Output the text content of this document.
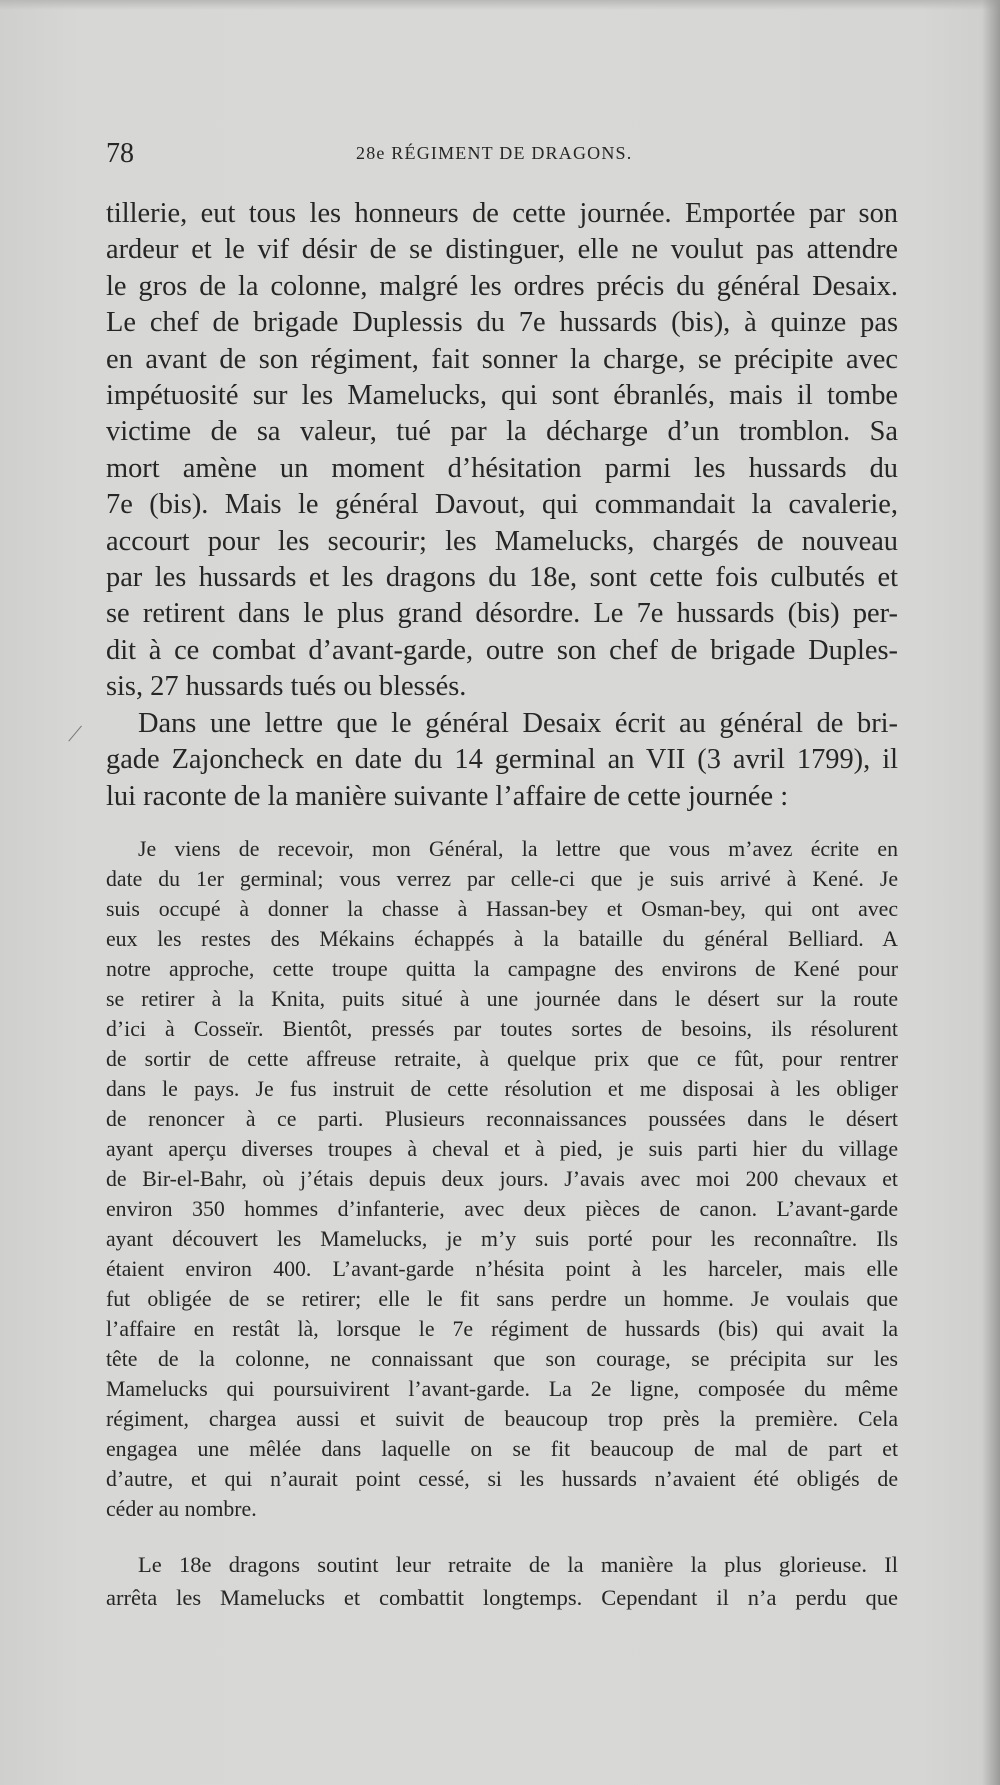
78	28e RÉGIMENT DE DRAGONS.
tillerie, eut tous les honneurs de cette journée. Emportée par son
ardeur et le vif désir de se distinguer, elle ne voulut pas attendre
le gros de la colonne, malgré les ordres précis du général Desaix.
Le chef de brigade Duplessis du 7e hussards (bis), à quinze pas
en avant de son régiment, fait sonner la charge, se précipite avec
impétuosité sur les Mamelucks, qui sont ébranlés, mais il tombe
victime de sa valeur, tué par la décharge d’un tromblon. Sa
mort amène un moment d’hésitation parmi les hussards du
7e (bis). Mais le général Davout, qui commandait la cavalerie,
accourt pour les secourir; les Mamelucks, chargés de nouveau
par les hussards et les dragons du 18e, sont cette fois culbutés et
se retirent dans le plus grand désordre. Le 7e hussards (bis) per-
dit à ce combat d’avant-garde, outre son chef de brigade Duples-
sis, 27 hussards tués ou blessés.
Dans une lettre que le général Desaix écrit au général de bri-
gade Zajoncheck en date du 14 germinal an VII (3 avril 1799), il
lui raconte de la manière suivante l’affaire de cette journée :
Je viens de recevoir, mon Général, la lettre que vous m’avez écrite en
date du 1er germinal; vous verrez par celle-ci que je suis arrivé à Kené. Je
suis occupé à donner la chasse à Hassan-bey et Osman-bey, qui ont avec
eux les restes des Mékains échappés à la bataille du général Belliard. A
notre approche, cette troupe quitta la campagne des environs de Kené pour
se retirer à la Knita, puits situé à une journée dans le désert sur la route
d’ici à Cosseïr. Bientôt, pressés par toutes sortes de besoins, ils résolurent
de sortir de cette affreuse retraite, à quelque prix que ce fût, pour rentrer
dans le pays. Je fus instruit de cette résolution et me disposai à les obliger
de renoncer à ce parti. Plusieurs reconnaissances poussées dans le désert
ayant aperçu diverses troupes à cheval et à pied, je suis parti hier du village
de Bir-el-Bahr, où j’étais depuis deux jours. J’avais avec moi 200 chevaux et
environ 350 hommes d’infanterie, avec deux pièces de canon. L’avant-garde
ayant découvert les Mamelucks, je m’y suis porté pour les reconnaître. Ils
étaient environ 400. L’avant-garde n’hésita point à les harceler, mais elle
fut obligée de se retirer; elle le fit sans perdre un homme. Je voulais que
l’affaire en restât là, lorsque le 7e régiment de hussards (bis) qui avait la
tête de la colonne, ne connaissant que son courage, se précipita sur les
Mamelucks qui poursuivirent l’avant-garde. La 2e ligne, composée du même
régiment, chargea aussi et suivit de beaucoup trop près la première. Cela
engagea une mêlée dans laquelle on se fit beaucoup de mal de part et
d’autre, et qui n’aurait point cessé, si les hussards n’avaient été obligés de
céder au nombre.
Le 18e dragons soutint leur retraite de la manière la plus glorieuse. Il
arrêta les Mamelucks et combattit longtemps. Cependant il n’a perdu que
